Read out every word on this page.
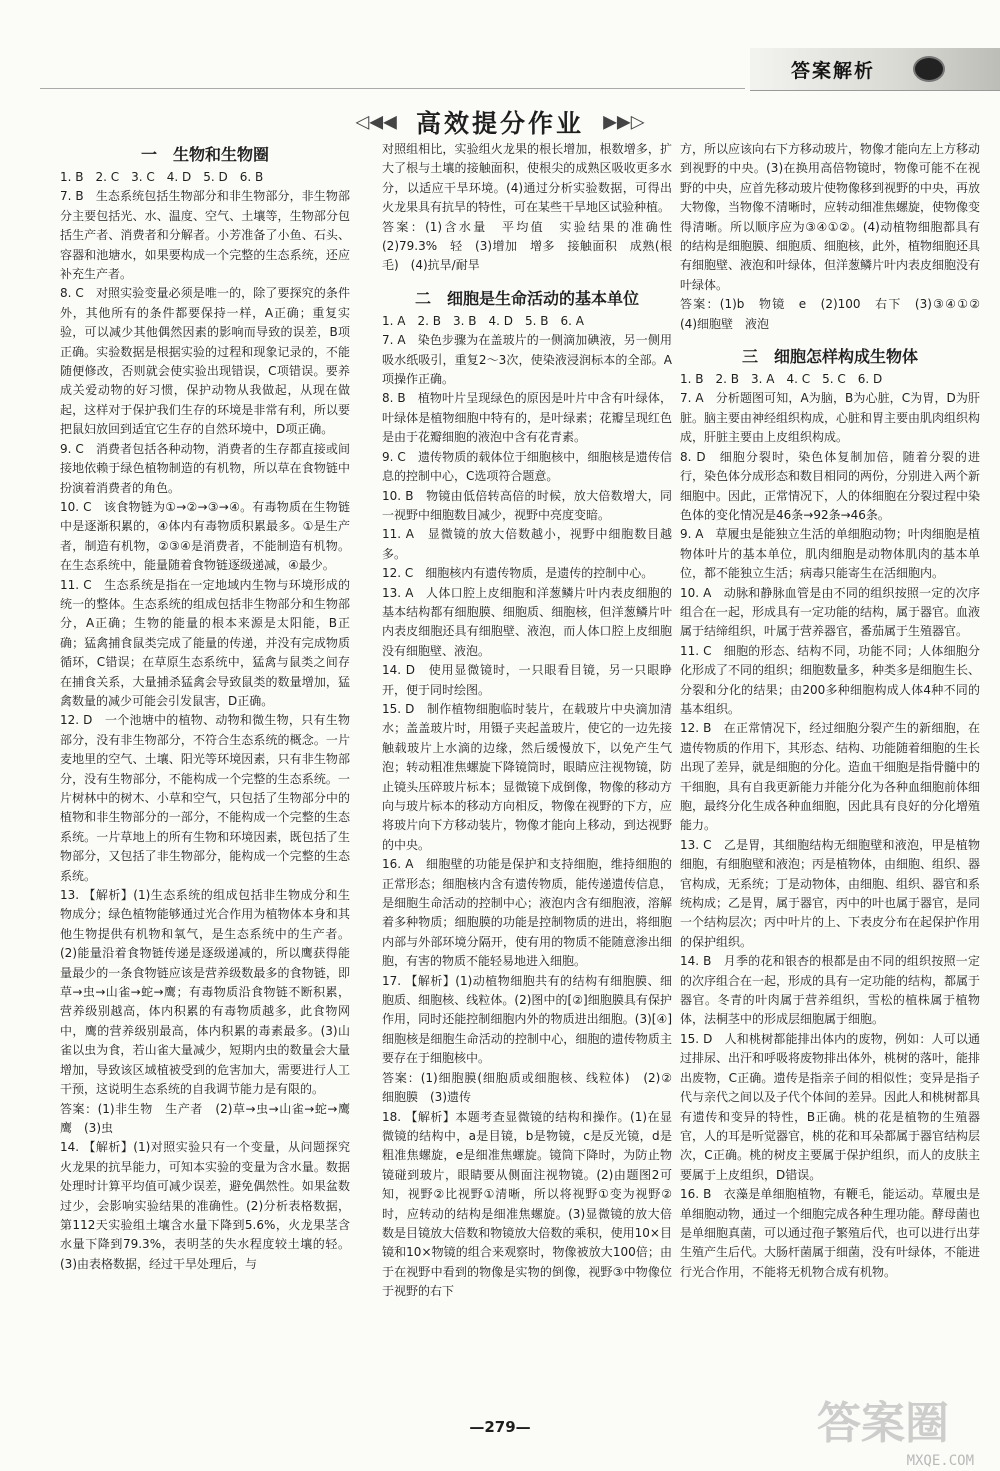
答案解析
◁◀◀ 高效提分作业 ▶▶▷
一　生物和生物圈

1. B　2. C　3. C　4. D　5. D　6. B

7. B　生态系统包括生物部分和非生物部分，非生物部分主要包括光、水、温度、空气、土壤等，生物部分包括生产者、消费者和分解者。小芳准备了小鱼、石头、容器和池塘水，如果要构成一个完整的生态系统，还应补充生产者。

8. C　对照实验变量必须是唯一的，除了要探究的条件外，其他所有的条件都要保持一样，A正确；重复实验，可以减少其他偶然因素的影响而导致的误差，B项正确。实验数据是根据实验的过程和现象记录的，不能随便修改，否则就会使实验出现错误，C项错误。要养成关爱动物的好习惯，保护动物从我做起，从现在做起，这样对于保护我们生存的环境是非常有利，所以要把鼠妇放回到适宜它生存的自然环境中，D项正确。

9. C　消费者包括各种动物，消费者的生存都直接或间接地依赖于绿色植物制造的有机物，所以草在食物链中扮演着消费者的角色。

10. C　该食物链为①→②→③→④。有毒物质在生物链中是逐渐积累的，④体内有毒物质积累最多。①是生产者，制造有机物，②③④是消费者，不能制造有机物。在生态系统中，能量随着食物链逐级递减，④最少。

11. C　生态系统是指在一定地域内生物与环境形成的统一的整体。生态系统的组成包括非生物部分和生物部分，A正确；生物的能量的根本来源是太阳能，B正确；猛禽捕食鼠类完成了能量的传递，并没有完成物质循环，C错误；在草原生态系统中，猛禽与鼠类之间存在捕食关系，大量捕杀猛禽会导致鼠类的数量增加，猛禽数量的减少可能会引发鼠害，D正确。

12. D　一个池塘中的植物、动物和微生物，只有生物部分，没有非生物部分，不符合生态系统的概念。一片麦地里的空气、土壤、阳光等环境因素，只有非生物部分，没有生物部分，不能构成一个完整的生态系统。一片树林中的树木、小草和空气，只包括了生物部分中的植物和非生物部分的一部分，不能构成一个完整的生态系统。一片草地上的所有生物和环境因素，既包括了生物部分，又包括了非生物部分，能构成一个完整的生态系统。

13. 【解析】(1)生态系统的组成包括非生物成分和生物成分；绿色植物能够通过光合作用为植物体本身和其他生物提供有机物和氧气，是生态系统中的生产者。(2)能量沿着食物链传递是逐级递减的，所以鹰获得能量最少的一条食物链应该是营养级数最多的食物链，即草→虫→山雀→蛇→鹰；有毒物质沿食物链不断积累，营养级别越高，体内积累的有毒物质越多，此食物网中，鹰的营养级别最高，体内积累的毒素最多。(3)山雀以虫为食，若山雀大量减少，短期内虫的数量会大量增加，导致该区域植被受到的危害加大，需要进行人工干预，这说明生态系统的自我调节能力是有限的。

答案：(1)非生物　生产者　(2)草→虫→山雀→蛇→鹰　鹰　(3)虫

14. 【解析】(1)对照实验只有一个变量，从问题探究火龙果的抗旱能力，可知本实验的变量为含水量。数据处理时计算平均值可减少误差，避免偶然性。如果盆数过少，会影响实验结果的准确性。(2)分析表格数据，第112天实验组土壤含水量下降到5.6%，火龙果茎含水量下降到79.3%，表明茎的失水程度较土壤的轻。(3)由表格数据，经过干旱处理后，与

对照组相比，实验组火龙果的根长增加，根数增多，扩大了根与土壤的接触面积，使根尖的成熟区吸收更多水分，以适应干旱环境。(4)通过分析实验数据，可得出火龙果具有抗旱的特性，可在某些干旱地区试验种植。

答案：(1)含水量　平均值　实验结果的准确性　(2)79.3%　轻　(3)增加　增多　接触面积　成熟(根毛)　(4)抗旱/耐旱

二　细胞是生命活动的基本单位

1. A　2. B　3. B　4. D　5. B　6. A

7. A　染色步骤为在盖玻片的一侧滴加碘液，另一侧用吸水纸吸引，重复2～3次，使染液浸润标本的全部。A项操作正确。

8. B　植物叶片呈现绿色的原因是叶片中含有叶绿体，叶绿体是植物细胞中特有的，是叶绿素；花瓣呈现红色是由于花瓣细胞的液泡中含有花青素。

9. C　遗传物质的载体位于细胞核中，细胞核是遗传信息的控制中心，C选项符合题意。

10. B　物镜由低倍转高倍的时候，放大倍数增大，同一视野中细胞数目减少，视野中亮度变暗。

11. A　显微镜的放大倍数越小，视野中细胞数目越多。

12. C　细胞核内有遗传物质，是遗传的控制中心。

13. A　人体口腔上皮细胞和洋葱鳞片叶内表皮细胞的基本结构都有细胞膜、细胞质、细胞核，但洋葱鳞片叶内表皮细胞还具有细胞壁、液泡，而人体口腔上皮细胞没有细胞壁、液泡。

14. D　使用显微镜时，一只眼看目镜，另一只眼睁开，便于同时绘图。

15. D　制作植物细胞临时装片，在载玻片中央滴加清水；盖盖玻片时，用镊子夹起盖玻片，使它的一边先接触载玻片上水滴的边缘，然后缓慢放下，以免产生气泡；转动粗准焦螺旋下降镜筒时，眼睛应注视物镜，防止镜头压碎玻片标本；显微镜下成倒像，物像的移动方向与玻片标本的移动方向相反，物像在视野的下方，应将玻片向下方移动装片，物像才能向上移动，到达视野的中央。

16. A　细胞壁的功能是保护和支持细胞，维持细胞的正常形态；细胞核内含有遗传物质，能传递遗传信息，是细胞生命活动的控制中心；液泡内含有细胞液，溶解着多种物质；细胞膜的功能是控制物质的进出，将细胞内部与外部环境分隔开，使有用的物质不能随意渗出细胞，有害的物质不能轻易地进入细胞。

17. 【解析】(1)动植物细胞共有的结构有细胞膜、细胞质、细胞核、线粒体。(2)图中的[②]细胞膜具有保护作用，同时还能控制细胞内外的物质进出细胞。(3)[④]细胞核是细胞生命活动的控制中心，细胞的遗传物质主要存在于细胞核中。

答案：(1)细胞膜(细胞质或细胞核、线粒体)　(2)②　细胞膜　(3)遗传

18. 【解析】本题考查显微镜的结构和操作。(1)在显微镜的结构中，a是目镜，b是物镜，c是反光镜，d是粗准焦螺旋，e是细准焦螺旋。镜筒下降时，为防止物镜碰到玻片，眼睛要从侧面注视物镜。(2)由题图2可知，视野②比视野①清晰，所以将视野①变为视野②时，应转动的结构是细准焦螺旋。(3)显微镜的放大倍数是目镜放大倍数和物镜放大倍数的乘积，使用10×目镜和10×物镜的组合来观察时，物像被放大100倍；由于在视野中看到的物像是实物的倒像，视野③中物像位于视野的右下

方，所以应该向右下方移动玻片，物像才能向左上方移动到视野的中央。(3)在换用高倍物镜时，物像可能不在视野的中央，应首先移动玻片使物像移到视野的中央，再放大物像，当物像不清晰时，应转动细准焦螺旋，使物像变得清晰。所以顺序应为③④①②。(4)动植物细胞都具有的结构是细胞膜、细胞质、细胞核，此外，植物细胞还具有细胞壁、液泡和叶绿体，但洋葱鳞片叶内表皮细胞没有叶绿体。

答案：(1)b　物镜　e　(2)100　右下　(3)③④①②　(4)细胞壁　液泡

三　细胞怎样构成生物体

1. B　2. B　3. A　4. C　5. C　6. D

7. A　分析题图可知，A为脑，B为心脏，C为胃，D为肝脏。脑主要由神经组织构成，心脏和胃主要由肌肉组织构成，肝脏主要由上皮组织构成。

8. D　细胞分裂时，染色体复制加倍，随着分裂的进行，染色体分成形态和数目相同的两份，分别进入两个新细胞中。因此，正常情况下，人的体细胞在分裂过程中染色体的变化情况是46条→92条→46条。

9. A　草履虫是能独立生活的单细胞动物；叶肉细胞是植物体叶片的基本单位，肌肉细胞是动物体肌肉的基本单位，都不能独立生活；病毒只能寄生在活细胞内。

10. A　动脉和静脉血管是由不同的组织按照一定的次序组合在一起，形成具有一定功能的结构，属于器官。血液属于结缔组织，叶属于营养器官，番茄属于生殖器官。

11. C　细胞的形态、结构不同，功能不同；人体细胞分化形成了不同的组织；细胞数量多，种类多是细胞生长、分裂和分化的结果；由200多种细胞构成人体4种不同的基本组织。

12. B　在正常情况下，经过细胞分裂产生的新细胞，在遗传物质的作用下，其形态、结构、功能随着细胞的生长出现了差异，就是细胞的分化。造血干细胞是指骨髓中的干细胞，具有自我更新能力并能分化为各种血细胞前体细胞，最终分化生成各种血细胞，因此具有良好的分化增殖能力。

13. C　乙是胃，其细胞结构无细胞壁和液泡，甲是植物细胞，有细胞壁和液泡；丙是植物体，由细胞、组织、器官构成，无系统；丁是动物体，由细胞、组织、器官和系统构成；乙是胃，属于器官，丙中的叶也属于器官，是同一个结构层次；丙中叶片的上、下表皮分布在起保护作用的保护组织。

14. B　月季的花和银杏的根都是由不同的组织按照一定的次序组合在一起，形成的具有一定功能的结构，都属于器官。冬青的叶肉属于营养组织，雪松的植株属于植物体，法桐茎中的形成层细胞属于细胞。

15. D　人和桃树都能排出体内的废物，例如：人可以通过排尿、出汗和呼吸将废物排出体外，桃树的落叶，能排出废物，C正确。遗传是指亲子间的相似性；变异是指子代与亲代之间以及子代个体间的差异。因此人和桃树都具有遗传和变异的特性，B正确。桃的花是植物的生殖器官，人的耳是听觉器官，桃的花和耳朵都属于器官结构层次，C正确。桃的树皮主要属于保护组织，而人的皮肤主要属于上皮组织，D错误。

16. B　衣藻是单细胞植物，有鞭毛，能运动。草履虫是单细胞动物，通过一个细胞完成各种生理功能。酵母菌也是单细胞真菌，可以通过孢子繁殖后代，也可以进行出芽生殖产生后代。大肠杆菌属于细菌，没有叶绿体，不能进行光合作用，不能将无机物合成有机物。

—279—	答案圈
MXQE.COM
